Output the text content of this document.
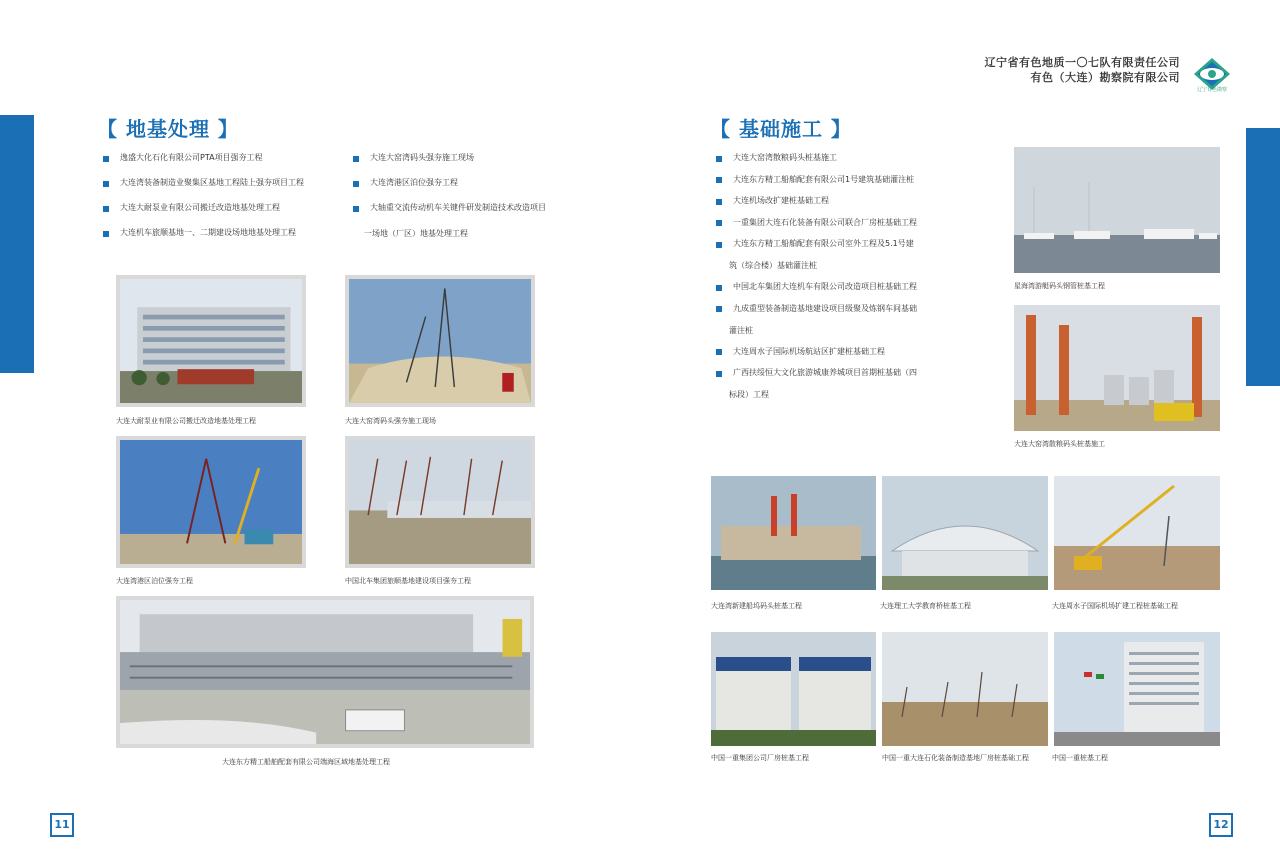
辽宁省有色地质一〇七队有限责任公司
有色（大连）勘察院有限公司
辽宁有色勘察
【 地基处理 】
逸盛大化石化有限公司PTA项目强夯工程
大连湾装备制造业聚集区基地工程陆上强夯项目工程
大连大耐泵业有限公司搬迁改造地基处理工程
大连机车旅顺基地一、二期建设场地地基处理工程
大连大窑湾码头强夯施工现场
大连湾港区泊位强夯工程
大轴重交流传动机车关键件研发制造技术改造项目
一场地（厂区）地基处理工程
大连大耐泵业有限公司搬迁改造地基处理工程	大连大窑湾码头强夯施工现场
大连湾港区泊位强夯工程	中国北车集团旅顺基地建设项目强夯工程
大连东方精工船舶配套有限公司端海区域地基处理工程
11
【 基础施工 】
大连大窑湾散粮码头桩基施工
大连东方精工船舶配套有限公司1号建筑基础灌注桩
大连机场改扩建桩基础工程
一重集团大连石化装备有限公司联合厂房桩基础工程
大连东方精工船舶配套有限公司室外工程及5.1号建
中国北车集团大连机车有限公司改造项目桩基础工程
九成重型装备制造基地建设项目级聚及炼钢车间基础
大连周水子国际机场航站区扩建桩基础工程
广西扶绥恒大文化旅游城康养城项目首期桩基础（四
筑（综合楼）基础灌注桩
灌注桩
标段）工程
星海湾游艇码头钢管桩基工程
大连大窑湾散粮码头桩基施工
大连湾新建船坞码头桩基工程	大连理工大学教育桥桩基工程	大连周水子国际机场扩建工程桩基础工程
中国一重集团公司厂房桩基工程	中国一重大连石化装备制造基地厂房桩基础工程	中国一重桩基工程
12
